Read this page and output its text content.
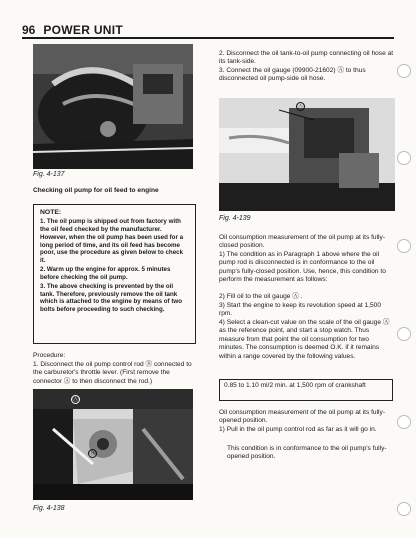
96 POWER UNIT
Fig. 4-137
Checking oil pump for oil feed to engine
NOTE:

1. The oil pump is shipped out from factory with the oil feed checked by the manufacturer. However, when the oil pump has been used for a long period of time, and its oil feed has become poor, use the procedure as given below to check it.

2. Warm up the engine for approx. 5 minutes before checking the oil pump.

3. The above checking is prevented by the oil tank. Therefore, previously remove the oil tank which is attached to the engine by means of two bolts before proceeding to such checking.

Procedure:
1. Disconnect the oil pump control rod Ⓑ connected to the carburetor's throttle lever. (First remove the connector Ⓐ to then disconnect the rod.)
Ⓐ
Ⓑ
Fig. 4-138
2. Disconnect the oil tank-to-oil pump connecting oil hose at its tank-side.
3. Connect the oil gauge (09900-21602) Ⓐ to thus disconnected oil pump-side oil hose.
Ⓐ
Fig. 4-139
Oil consumption measurement of the oil pump at its fully-closed position.
1) The condition as in Paragraph 1 above where the oil pump rod is disconnected is in conformance to the oil pump's fully-closed position. Use, hence, this condition to perform the measurement as follows:
2) Fill oil to the oil gauge Ⓐ .
3) Start the engine to keep its revolution speed at 1,500 rpm.
4) Select a clean-cut value on the scale of the oil gauge Ⓐ as the reference point, and start a stop watch. Thus measure from that point the oil consumption for two minutes. The consumption is deemed O.K. if it remains within a range covered by the following values.
0.85 to 1.10 ml/2 min. at 1,500 rpm of crankshaft
Oil consumption measurement of the oil pump at its fully-opened position.
1) Pull in the oil pump control rod as far as it will go in.
This condition is in conformance to the oil pump's fully-opened position.
